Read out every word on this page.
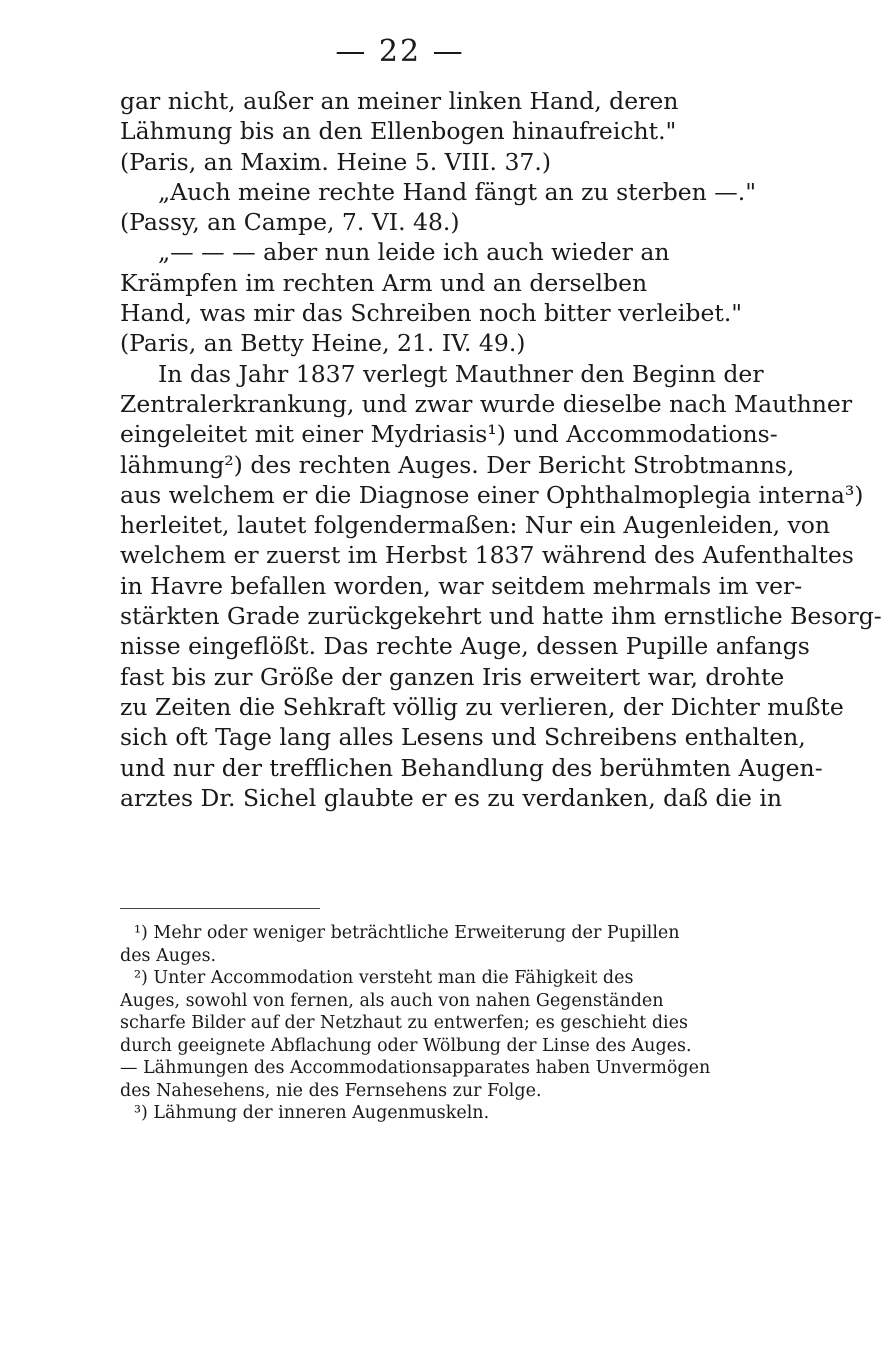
— 22 —
gar nicht, außer an meiner linken Hand, deren
Lähmung bis an den Ellenbogen hinaufreicht."
(Paris, an Maxim. Heine 5. VIII. 37.)
„Auch meine rechte Hand fängt an zu sterben —."
(Passy, an Campe, 7. VI. 48.)
„— — — aber nun leide ich auch wieder an
Krämpfen im rechten Arm und an derselben
Hand, was mir das Schreiben noch bitter verleibet."
(Paris, an Betty Heine, 21. IV. 49.)
In das Jahr 1837 verlegt Mauthner den Beginn der
Zentralerkrankung, und zwar wurde dieselbe nach Mauthner
eingeleitet mit einer Mydriasis¹) und Accommodations-
lähmung²) des rechten Auges. Der Bericht Strobtmanns,
aus welchem er die Diagnose einer Ophthalmoplegia interna³)
herleitet, lautet folgendermaßen: Nur ein Augenleiden, von
welchem er zuerst im Herbst 1837 während des Aufenthaltes
in Havre befallen worden, war seitdem mehrmals im ver-
stärkten Grade zurückgekehrt und hatte ihm ernstliche Besorg-
nisse eingeflößt. Das rechte Auge, dessen Pupille anfangs
fast bis zur Größe der ganzen Iris erweitert war, drohte
zu Zeiten die Sehkraft völlig zu verlieren, der Dichter mußte
sich oft Tage lang alles Lesens und Schreibens enthalten,
und nur der trefflichen Behandlung des berühmten Augen-
arztes Dr. Sichel glaubte er es zu verdanken, daß die in
¹) Mehr oder weniger beträchtliche Erweiterung der Pupillen
des Auges.
²) Unter Accommodation versteht man die Fähigkeit des
Auges, sowohl von fernen, als auch von nahen Gegenständen
scharfe Bilder auf der Netzhaut zu entwerfen; es geschieht dies
durch geeignete Abflachung oder Wölbung der Linse des Auges.
— Lähmungen des Accommodationsapparates haben Unvermögen
des Nahesehens, nie des Fernsehens zur Folge.
³) Lähmung der inneren Augenmuskeln.
